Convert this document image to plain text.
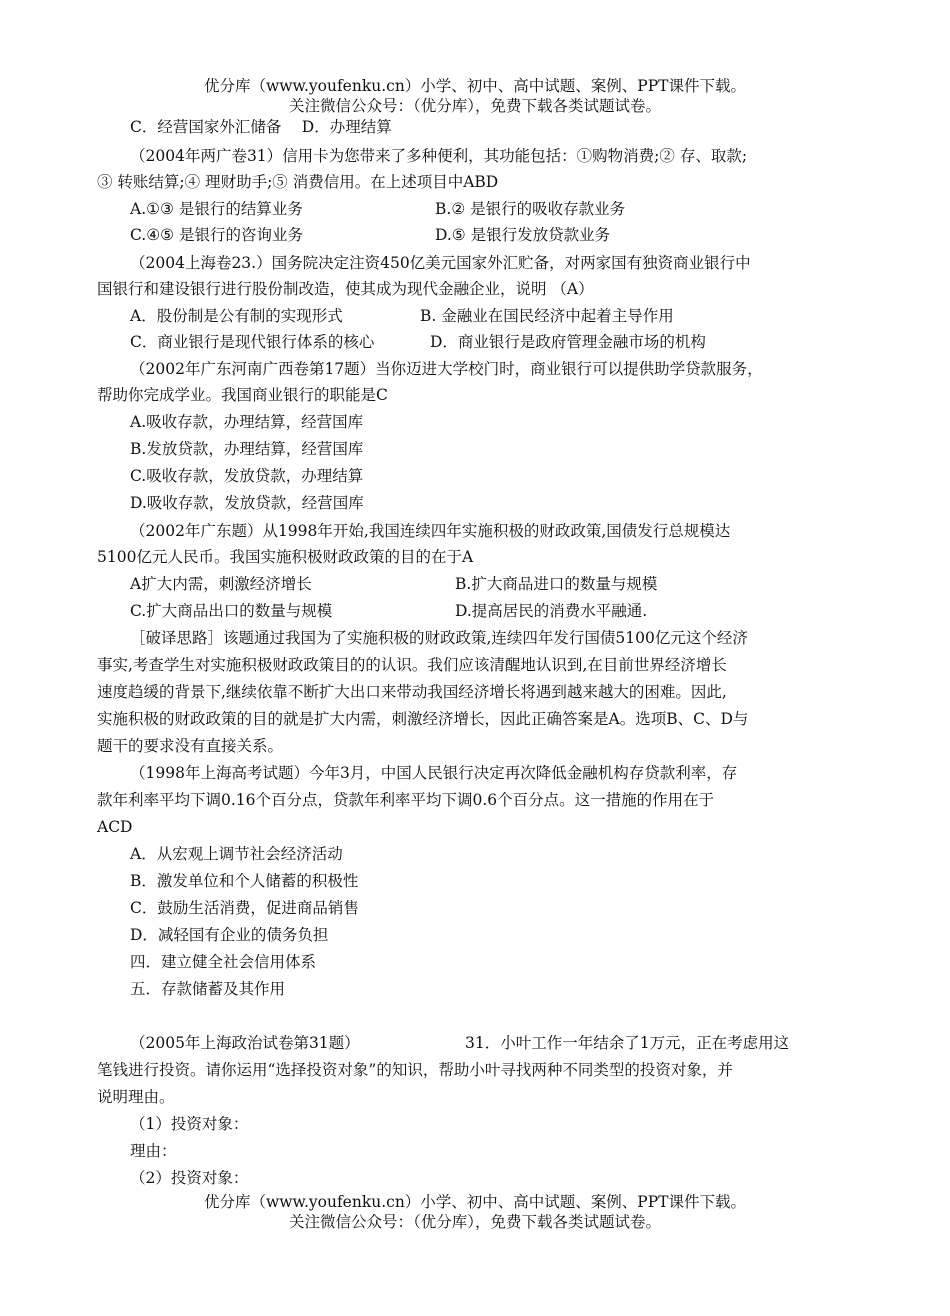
优分库（www.youfenku.cn）小学、初中、高中试题、案例、PPT课件下载。
关注微信公众号：（优分库），免费下载各类试题试卷。
C．经营国家外汇储备　 D．办理结算
（2004年两广卷31）信用卡为您带来了多种便利，其功能包括：①购物消费;② 存、取款;
③ 转账结算;④ 理财助手;⑤ 消费信用。在上述项目中ABD
A.①③ 是银行的结算业务	B.② 是银行的吸收存款业务
C.④⑤ 是银行的咨询业务	D.⑤ 是银行发放贷款业务
（2004上海卷23.）国务院决定注资450亿美元国家外汇贮备，对两家国有独资商业银行中
国银行和建设银行进行股份制改造，使其成为现代金融企业，说明 （A）
A．股份制是公有制的实现形式	B. 金融业在国民经济中起着主导作用
C．商业银行是现代银行体系的核心	D．商业银行是政府管理金融市场的机构
（2002年广东河南广西卷第17题）当你迈进大学校门时，商业银行可以提供助学贷款服务，
帮助你完成学业。我国商业银行的职能是C
A.吸收存款，办理结算，经营国库
B.发放贷款，办理结算，经营国库
C.吸收存款，发放贷款，办理结算
D.吸收存款，发放贷款，经营国库
（2002年广东题）从1998年开始,我国连续四年实施积极的财政政策,国债发行总规模达
5100亿元人民币。我国实施积极财政政策的目的在于A
A扩大内需，刺激经济增长	B.扩大商品进口的数量与规模
C.扩大商品出口的数量与规模	D.提高居民的消费水平融通.
［破译思路］该题通过我国为了实施积极的财政政策,连续四年发行国债5100亿元这个经济
事实,考查学生对实施积极财政政策目的的认识。我们应该清醒地认识到,在目前世界经济增长
速度趋缓的背景下,继续依靠不断扩大出口来带动我国经济增长将遇到越来越大的困难。因此,
实施积极的财政政策的目的就是扩大内需，刺激经济增长，因此正确答案是A。选项B、C、D与
题干的要求没有直接关系。
（1998年上海高考试题）今年3月，中国人民银行决定再次降低金融机构存贷款利率，存
款年利率平均下调0.16个百分点，贷款年利率平均下调0.6个百分点。这一措施的作用在于
ACD
A．从宏观上调节社会经济活动
B．激发单位和个人储蓄的积极性
C．鼓励生活消费，促进商品销售
D．减轻国有企业的债务负担
四．建立健全社会信用体系
五．存款储蓄及其作用
（2005年上海政治试卷第31题）	31．小叶工作一年结余了1万元，正在考虑用这
笔钱进行投资。请你运用“选择投资对象”的知识，帮助小叶寻找两种不同类型的投资对象，并
说明理由。
（1）投资对象：
理由：
（2）投资对象：
优分库（www.youfenku.cn）小学、初中、高中试题、案例、PPT课件下载。
关注微信公众号：（优分库），免费下载各类试题试卷。
